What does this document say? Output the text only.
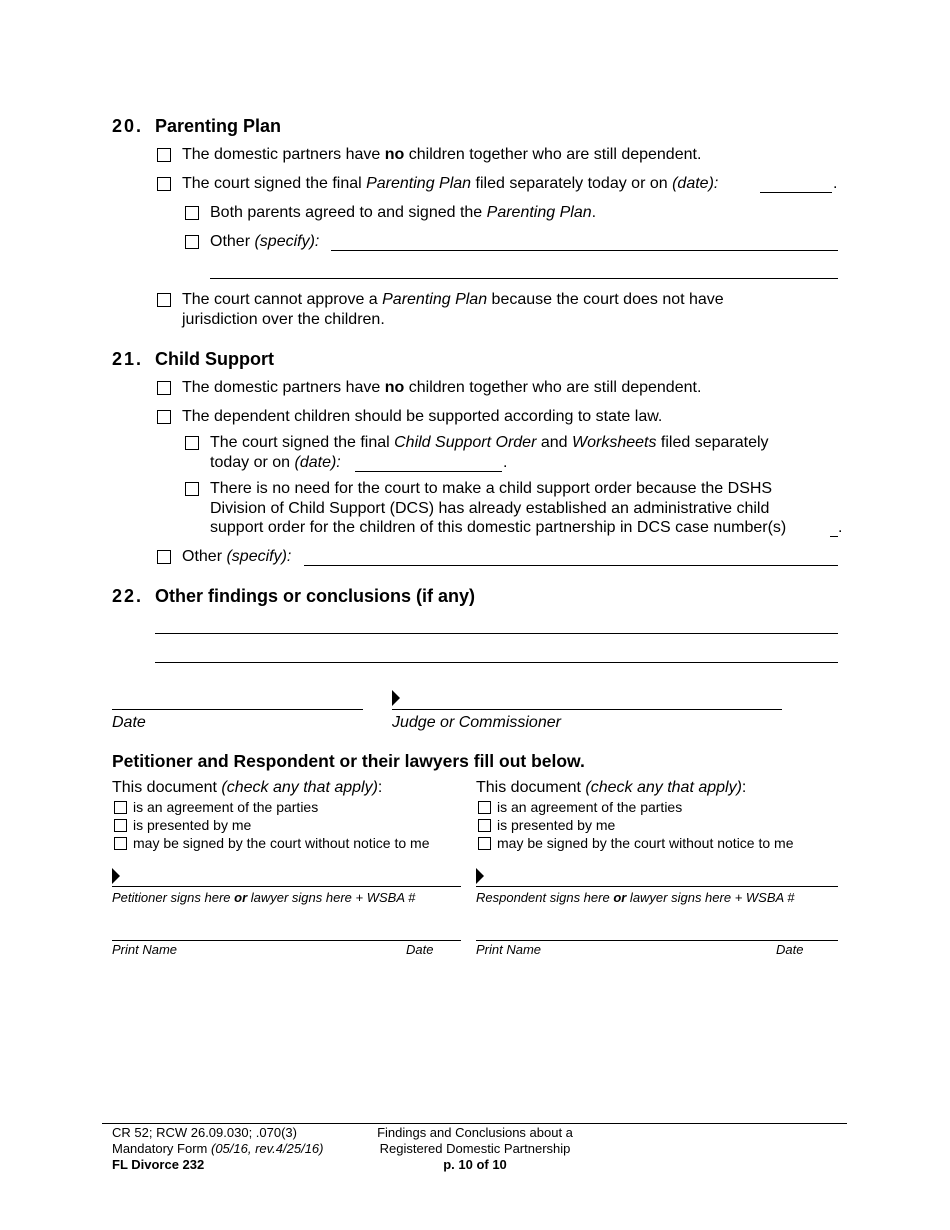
20. Parenting Plan
The domestic partners have no children together who are still dependent.
The court signed the final Parenting Plan filed separately today or on (date):	.
Both parents agreed to and signed the Parenting Plan.
Other (specify):
The court cannot approve a Parenting Plan because the court does not have
jurisdiction over the children.
21. Child Support
The domestic partners have no children together who are still dependent.
The dependent children should be supported according to state law.
The court signed the final Child Support Order and Worksheets filed separately
today or on (date):	.
There is no need for the court to make a child support order because the DSHS
Division of Child Support (DCS) has already established an administrative child
support order for the children of this domestic partnership in DCS case number(s)	.
Other (specify):
22. Other findings or conclusions (if any)
Date	Judge or Commissioner
Petitioner and Respondent or their lawyers fill out below.
This document (check any that apply):
is an agreement of the parties
is presented by me
may be signed by the court without notice to me
Petitioner signs here or lawyer signs here + WSBA #
Print Name	Date
This document (check any that apply):
is an agreement of the parties
is presented by me
may be signed by the court without notice to me
Respondent signs here or lawyer signs here + WSBA #
Print Name	Date
CR 52; RCW 26.09.030; .070(3)
Mandatory Form (05/16, rev.4/25/16)
FL Divorce 232
Findings and Conclusions about a
Registered Domestic Partnership
p. 10 of 10
